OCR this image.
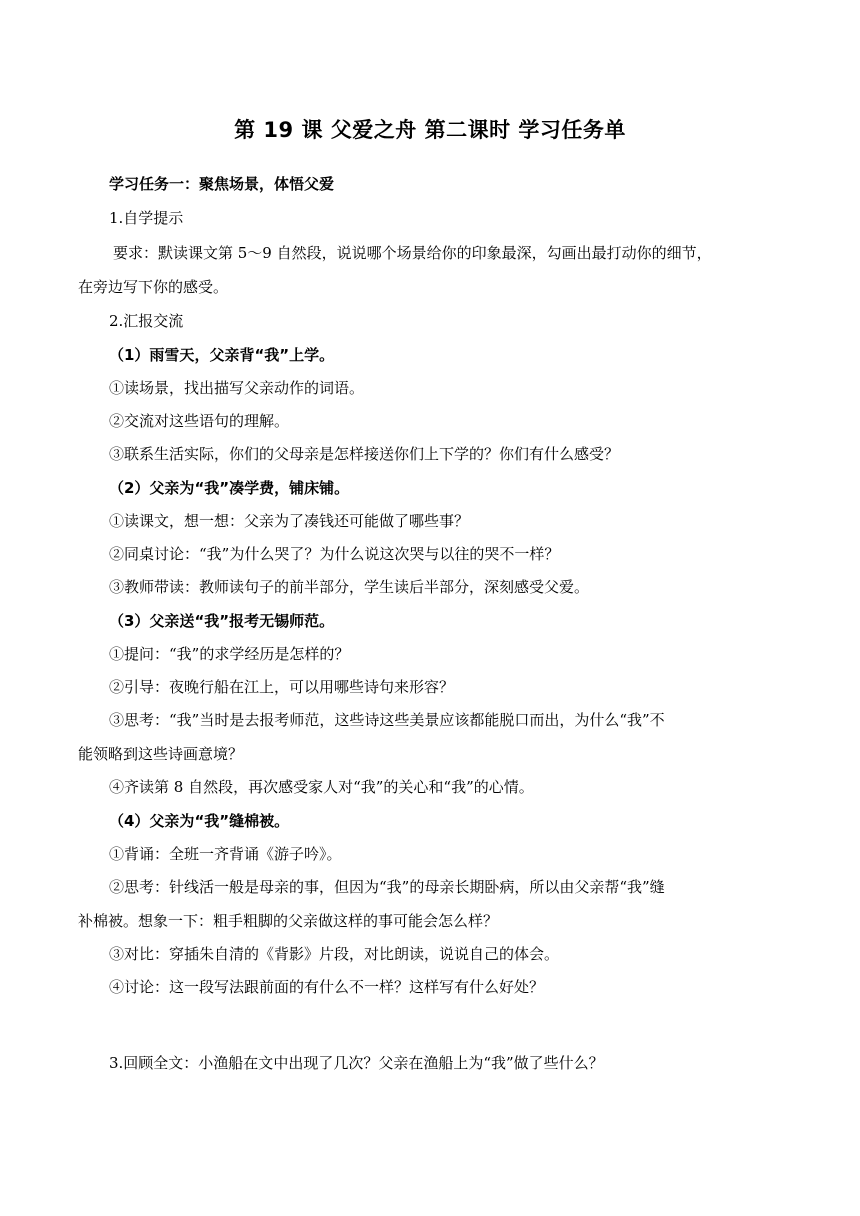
第 19 课 父爱之舟 第二课时 学习任务单
学习任务一：聚焦场景，体悟父爱
1.自学提示
要求：默读课文第 5～9 自然段，说说哪个场景给你的印象最深，勾画出最打动你的细节，
在旁边写下你的感受。
2.汇报交流
（1）雨雪天，父亲背“我”上学。
①读场景，找出描写父亲动作的词语。
②交流对这些语句的理解。
③联系生活实际，你们的父母亲是怎样接送你们上下学的？你们有什么感受？
（2）父亲为“我”凑学费，铺床铺。
①读课文，想一想：父亲为了凑钱还可能做了哪些事？
②同桌讨论：“我”为什么哭了？为什么说这次哭与以往的哭不一样？
③教师带读：教师读句子的前半部分，学生读后半部分，深刻感受父爱。
（3）父亲送“我”报考无锡师范。
①提问：“我”的求学经历是怎样的？
②引导：夜晚行船在江上，可以用哪些诗句来形容？
③思考：“我”当时是去报考师范，这些诗这些美景应该都能脱口而出，为什么“我”不
能领略到这些诗画意境？
④齐读第 8 自然段，再次感受家人对“我”的关心和“我”的心情。
（4）父亲为“我”缝棉被。
①背诵：全班一齐背诵《游子吟》。
②思考：针线活一般是母亲的事，但因为“我”的母亲长期卧病，所以由父亲帮“我”缝
补棉被。想象一下：粗手粗脚的父亲做这样的事可能会怎么样？
③对比：穿插朱自清的《背影》片段，对比朗读，说说自己的体会。
④讨论：这一段写法跟前面的有什么不一样？这样写有什么好处？
3.回顾全文：小渔船在文中出现了几次？父亲在渔船上为“我”做了些什么？
